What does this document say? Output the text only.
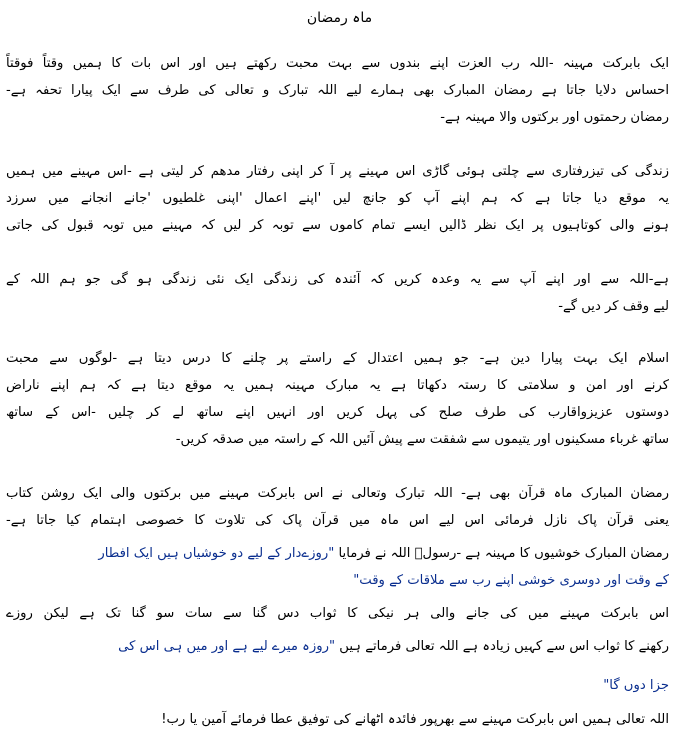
ماہ رمضان
ایک بابرکت مہینہ -اللہ رب العزت اپنے بندوں سے بہت محبت رکھتے ہیں اور اس بات کا ہمیں وقتاً فوقتاً
احساس دلایا جاتا ہے رمضان المبارک بھی ہمارے لیے اللہ تبارک و تعالی کی طرف سے ایک پیارا تحفہ ہے-
رمضان رحمتوں اور برکتوں والا مہینہ ہے-
زندگی کی تیزرفتاری سے چلتی ہوئی گاڑی اس مہینے پر آ کر اپنی رفتار مدھم کر لیتی ہے -اس مہینے میں ہمیں
یہ موقع دیا جاتا ہے کہ ہم اپنے آپ کو جانچ لیں 'اپنے اعمال 'اپنی غلطیوں 'جانے انجانے میں سرزد
ہونے والی کوتاہیوں پر ایک نظر ڈالیں ایسے تمام کاموں سے توبہ کر لیں کہ مہینے میں توبہ قبول کی جاتی
ہے-اللہ سے اور اپنے آپ سے یہ وعدہ کریں کہ آئندہ کی زندگی ایک نئی زندگی ہو گی جو ہم اللہ کے
لیے وقف کر دیں گے-
اسلام ایک بہت پیارا دین ہے- جو ہمیں اعتدال کے راستے پر چلنے کا درس دیتا ہے -لوگوں سے محبت
کرنے اور امن و سلامتی کا رستہ دکھاتا ہے یہ مبارک مہینہ ہمیں یہ موقع دیتا ہے کہ ہم اپنے ناراض
دوستوں عزیزواقارب کی طرف صلح کی پہل کریں اور انہیں اپنے ساتھ لے کر چلیں -اس کے ساتھ
ساتھ غرباء مسکینوں اور یتیموں سے شفقت سے پیش آئیں اللہ کے راستہ میں صدقہ کریں-
رمضان المبارک ماہ قرآن بھی ہے- اللہ تبارک وتعالی نے اس بابرکت مہینے میں برکتوں والی ایک روشن کتاب
یعنی قرآن پاک نازل فرمائی اس لیے اس ماہ میں قرآن پاک کی تلاوت کا خصوصی اہتمام کیا جاتا ہے-
رمضان المبارک خوشیوں کا مہینہ ہے -رسولؐ اللہ نے فرمایا "روزےدار کے لیے دو خوشیاں ہیں ایک افطار
کے وقت اور دوسری خوشی اپنے رب سے ملاقات کے وقت"
اس بابرکت مہینے میں کی جانے والی ہر نیکی کا ثواب دس گنا سے سات سو گنا تک ہے لیکن روزے
رکھنے کا ثواب اس سے کہیں زیادہ ہے اللہ تعالی فرماتے ہیں "روزہ میرے لیے ہے اور میں ہی اس کی
جزا دوں گا"
اللہ تعالی ہمیں اس بابرکت مہینے سے بھرپور فائدہ اٹھانے کی توفیق عطا فرمائے آمین یا رب!
